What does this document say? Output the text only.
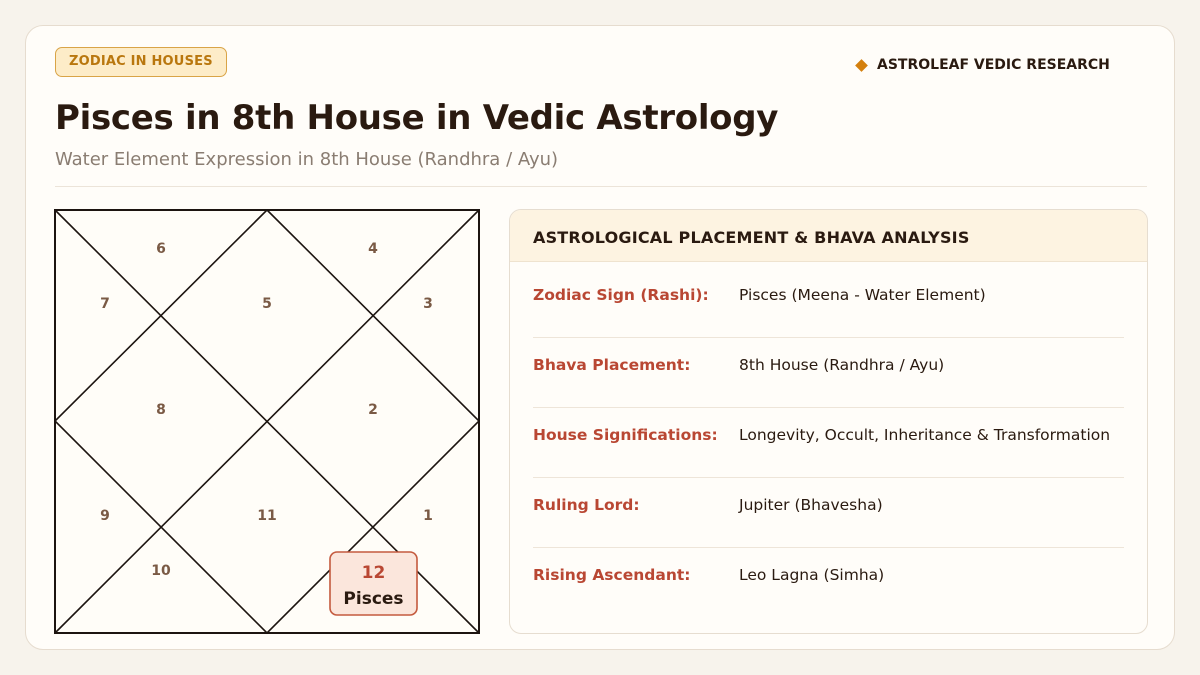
ZODIAC IN HOUSES	ASTROLEAF VEDIC RESEARCH
Pisces in 8th House in Vedic Astrology
Water Element Expression in 8th House (Randhra / Ayu)
6	4
7	5	3
8	2
9	11	1
10	12
Pisces
ASTROLOGICAL PLACEMENT & BHAVA ANALYSIS
Zodiac Sign (Rashi): Pisces (Meena - Water Element)
Bhava Placement:	8th House (Randhra / Ayu)
House Significations: Longevity, Occult, Inheritance & Transformation
Ruling Lord:	Jupiter (Bhavesha)
Rising Ascendant:	Leo Lagna (Simha)
